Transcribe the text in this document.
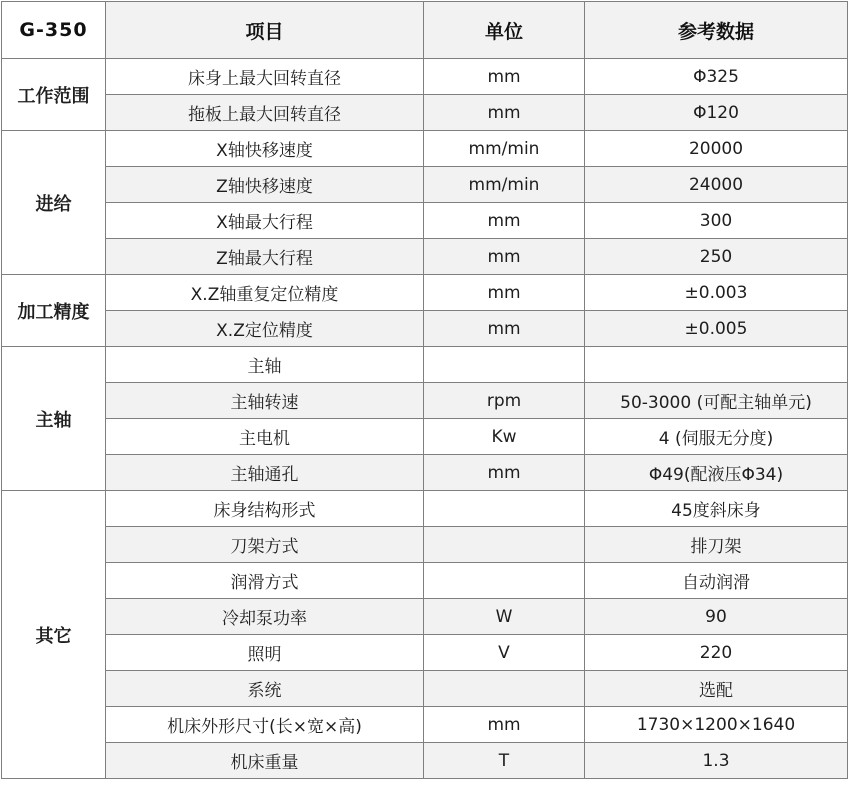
G-350	项目	单位	参考数据
工作范围	床身上最大回转直径	mm	Φ325
	拖板上最大回转直径	mm	Φ120
进给	X轴快移速度	mm/min	20000
	Z轴快移速度	mm/min	24000
	X轴最大行程	mm	300
	Z轴最大行程	mm	250
加工精度	X.Z轴重复定位精度	mm	±0.003
	X.Z定位精度	mm	±0.005
主轴	主轴		
	主轴转速	rpm	50-3000 (可配主轴单元)
	主电机	Kw	4 (伺服无分度)
	主轴通孔	mm	Φ49(配液压Φ34)
其它	床身结构形式		45度斜床身
	刀架方式		排刀架
	润滑方式		自动润滑
	冷却泵功率	W	90
	照明	V	220
	系统		选配
	机床外形尺寸(长×宽×高)	mm	1730×1200×1640
	机床重量	T	1.3
